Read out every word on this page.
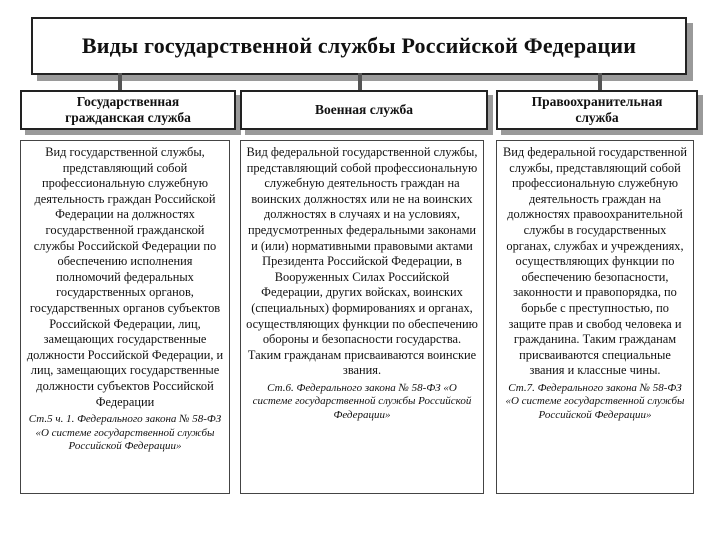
Виды государственной службы Российской Федерации
Государственная
гражданская служба
Военная служба
Правоохранительная
служба
Вид государственной службы, представляющий собой профессиональную служебную деятельность граждан Российской Федерации на должностях государственной гражданской службы Российской Федерации по обеспечению исполнения полномочий федеральных государственных органов, государственных органов субъектов Российской Федерации, лиц, замещающих государственные должности Российской Федерации, и лиц, замещающих государственные должности субъектов Российской Федерации
Ст.5 ч. 1. Федерального закона № 58-ФЗ «О системе государственной службы Российской Федерации»
Вид федеральной государственной службы, представляющий собой профессиональную служебную деятельность граждан на воинских должностях или не на воинских должностях в случаях и на условиях, предусмотренных федеральными законами и (или) нормативными правовыми актами Президента Российской Федерации, в Вооруженных Силах Российской Федерации, других войсках, воинских (специальных) формированиях и органах, осуществляющих функции по обеспечению обороны и безопасности государства. Таким гражданам присваиваются воинские звания.
Ст.6. Федерального закона № 58-ФЗ «О системе государственной службы Российской Федерации»
Вид федеральной государственной службы, представляющий собой профессиональную служебную деятельность граждан на должностях правоохранительной службы в государственных органах, службах и учреждениях, осуществляющих функции по обеспечению безопасности, законности и правопорядка, по борьбе с преступностью, по защите прав и свобод человека и гражданина. Таким гражданам присваиваются специальные звания и классные чины.
Ст.7. Федерального закона № 58-ФЗ «О системе государственной службы Российской Федерации»
